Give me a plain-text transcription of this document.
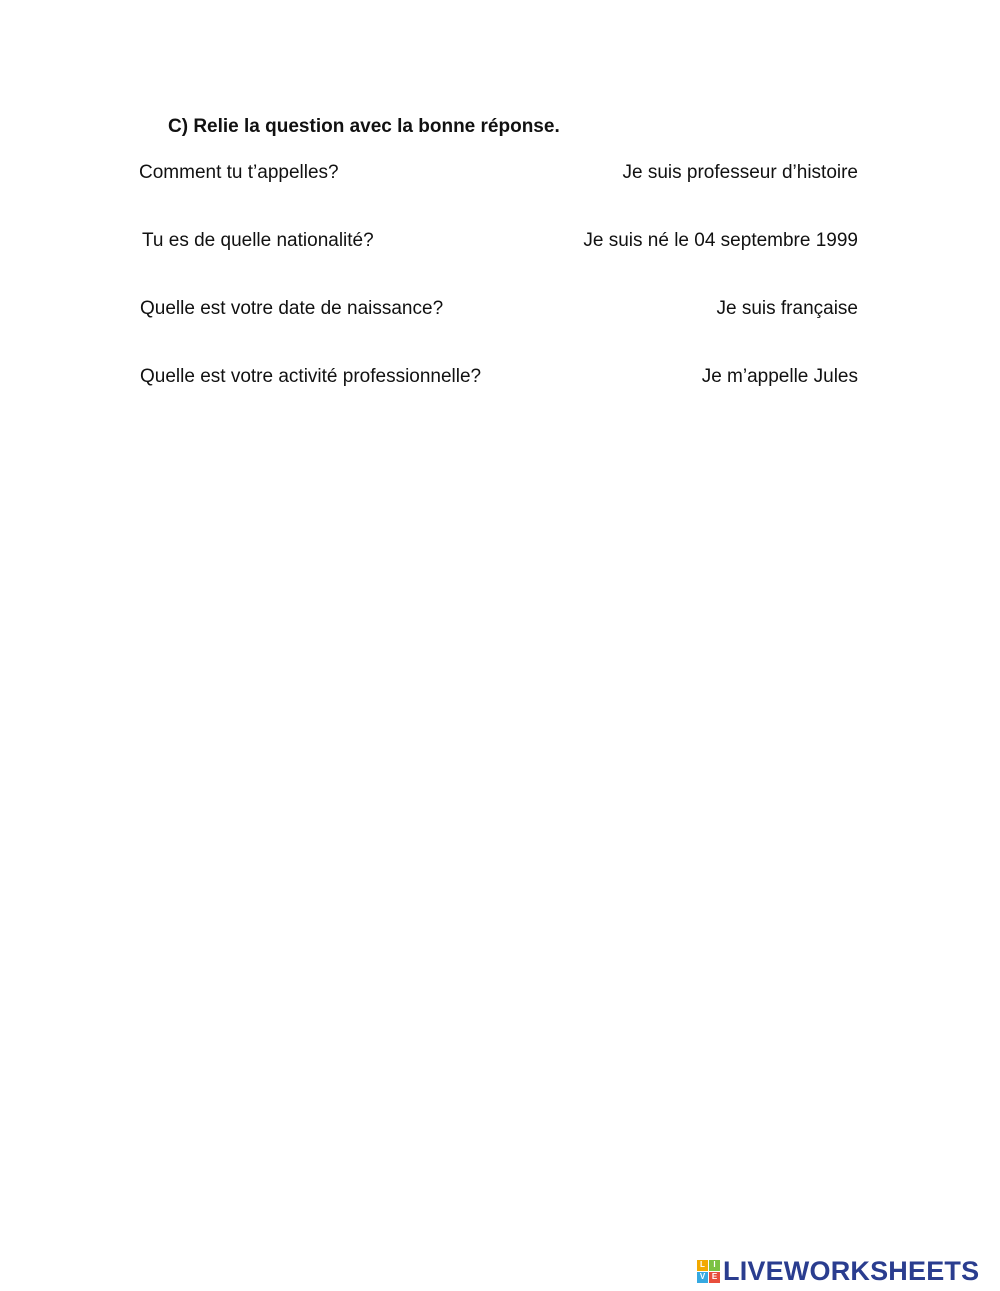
C) Relie la question avec la bonne réponse.
Comment tu t’appelles?	Je suis professeur d’histoire
Tu es de quelle nationalité?	Je suis né le 04 septembre 1999
Quelle est votre date de naissance?	Je suis française
Quelle est votre activité professionnelle?	Je m’appelle Jules
L	I
V E LIVEWORKSHEETS
